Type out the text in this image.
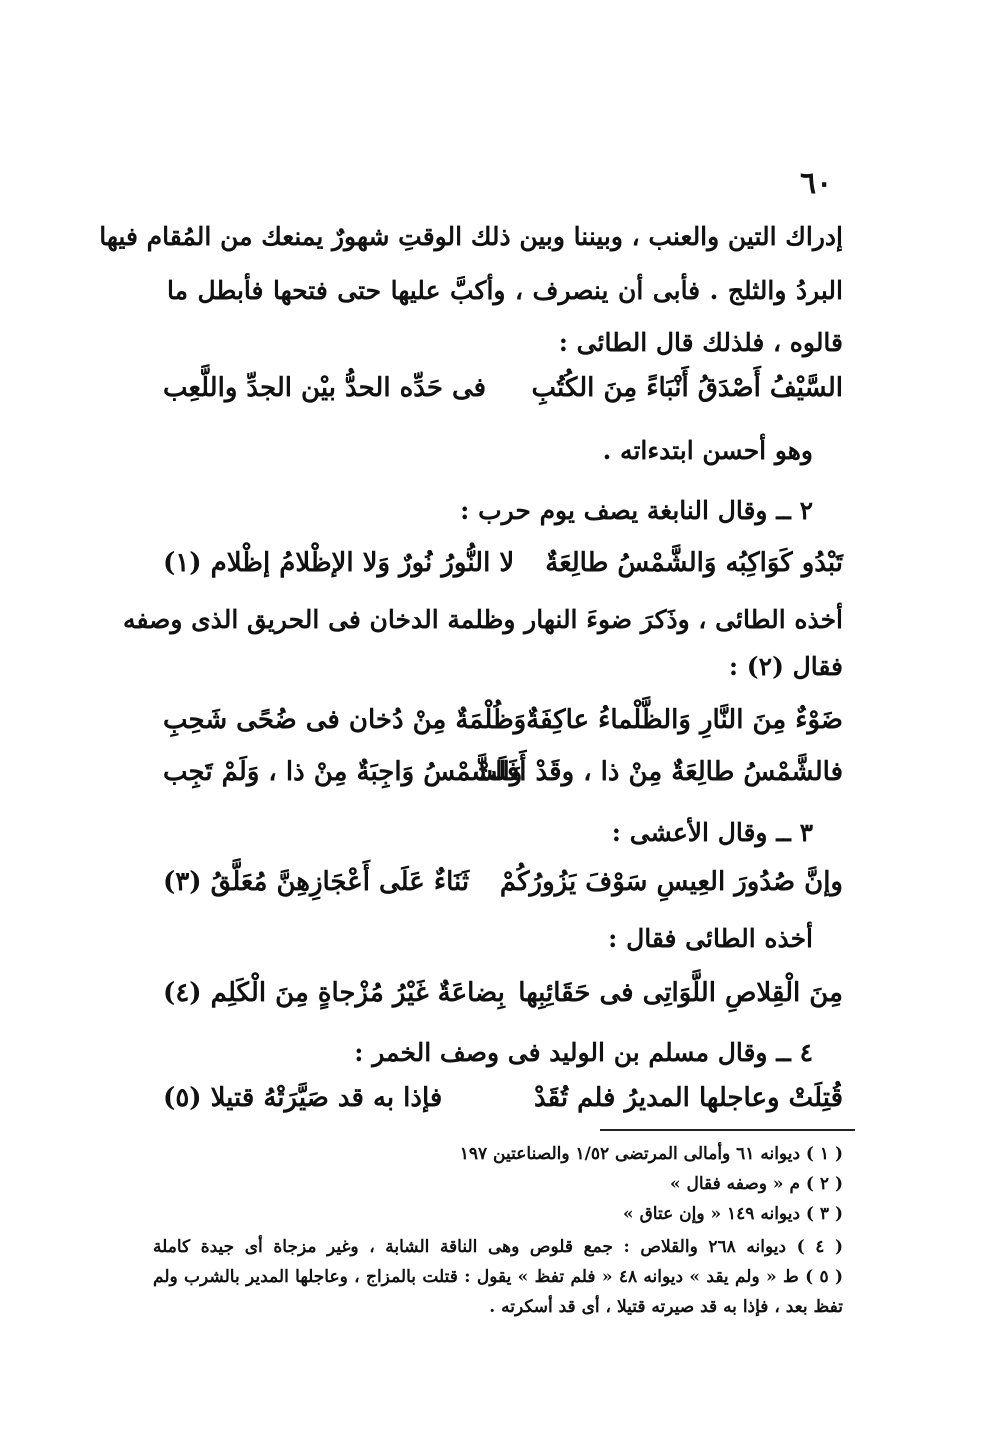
٦٠
إدراك التين والعنب ، وبيننا وبين ذلك الوقتِ شهورٌ يمنعك من المُقام فيها
البردُ والثلج . فأبى أن ينصرف ، وأكبَّ عليها حتى فتحها فأبطل ما
قالوه ، فلذلك قال الطائى :
السَّيْفُ أَصْدَقُ أَنْبَاءً مِنَ الكُتُبِ
فى حَدِّه الحدُّ بيْن الجدِّ واللَّعِب
وهو أحسن ابتدءاته .
٢ ــ وقال النابغة يصف يوم حرب :
تَبْدُو كَوَاكِبُه وَالشَّمْسُ طالِعَةٌ
لا النُّورُ نُورٌ وَلا الإظْلامُ إظْلام (١)
أخذه الطائى ، وذَكرَ ضوءَ النهار وظلمة الدخان فى الحريق الذى وصفه
فقال (٢) :
ضَوْءٌ مِنَ النَّارِ وَالظَّلْماءُ عاكِفَةٌ
وَظُلْمَةٌ مِنْ دُخان فى ضُحًى شَحِبِ
فالشَّمْسُ طالِعَةٌ مِنْ ذا ، وقَدْ أَفَلَتْ
وَالشَّمْسُ وَاجِبَةٌ مِنْ ذا ، وَلَمْ تَجِب
٣ ــ وقال الأعشى :
وإنَّ صُدُورَ العِيسِ سَوْفَ يَزُورُكُمْ
ثَنَاءٌ عَلَى أَعْجَازِهِنَّ مُعَلَّقُ (٣)
أخذه الطائى فقال :
مِنَ الْقِلاصِ اللَّوَاتِى فى حَقَائِبِها
بِضاعَةٌ غَيْرُ مُزْجاةٍ مِنَ الْكَلِم (٤)
٤ ــ وقال مسلم بن الوليد فى وصف الخمر :
قُتِلَتْ وعاجلها المديرُ فلم تُقَدْ
فإذا به قد صَيَّرَتْهُ قتيلا (٥)
( ١ ) ديوانه ٦١ وأمالى المرتضى ١/٥٢ والصناعتين ١٩٧
( ٢ ) م « وصفه فقال »
( ٣ ) ديوانه ١٤٩ « وإن عتاق »
( ٤ ) ديوانه ٢٦٨ والقلاص : جمع قلوص وهى الناقة الشابة ، وغير مزجاة أى جيدة كاملة
( ٥ ) ط « ولم يقد » ديوانه ٤٨ « فلم تفظ » يقول : قتلت بالمزاج ، وعاجلها المدير بالشرب ولم
تفظ بعد ، فإذا به قد صيرته قتيلا ، أى قد أسكرته .
